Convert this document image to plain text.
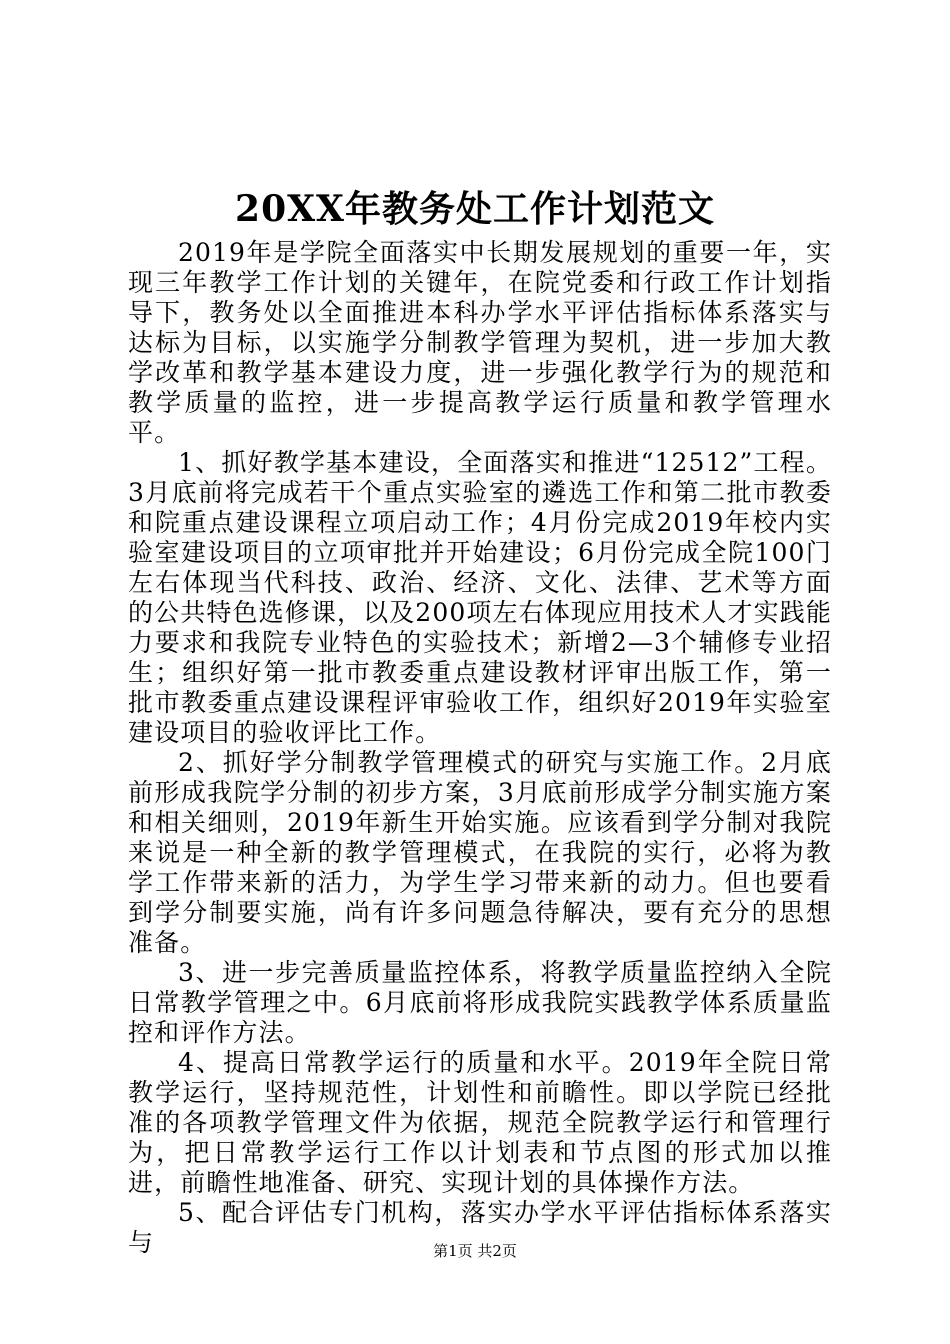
20XX年教务处工作计划范文

2019年是学院全面落实中长期发展规划的重要一年，实现三年教学工作计划的关键年，在院党委和行政工作计划指导下，教务处以全面推进本科办学水平评估指标体系落实与达标为目标，以实施学分制教学管理为契机，进一步加大教学改革和教学基本建设力度，进一步强化教学行为的规范和教学质量的监控，进一步提高教学运行质量和教学管理水平。

1、抓好教学基本建设，全面落实和推进“12512”工程。3月底前将完成若干个重点实验室的遴选工作和第二批市教委和院重点建设课程立项启动工作；4月份完成2019年校内实验室建设项目的立项审批并开始建设；6月份完成全院100门左右体现当代科技、政治、经济、文化、法律、艺术等方面的公共特色选修课，以及200项左右体现应用技术人才实践能力要求和我院专业特色的实验技术；新增2—3个辅修专业招生；组织好第一批市教委重点建设教材评审出版工作，第一批市教委重点建设课程评审验收工作，组织好2019年实验室建设项目的验收评比工作。

2、抓好学分制教学管理模式的研究与实施工作。2月底前形成我院学分制的初步方案，3月底前形成学分制实施方案和相关细则，2019年新生开始实施。应该看到学分制对我院来说是一种全新的教学管理模式，在我院的实行，必将为教学工作带来新的活力，为学生学习带来新的动力。但也要看到学分制要实施，尚有许多问题急待解决，要有充分的思想准备。

3、进一步完善质量监控体系，将教学质量监控纳入全院日常教学管理之中。6月底前将形成我院实践教学体系质量监控和评作方法。

4、提高日常教学运行的质量和水平。2019年全院日常教学运行，坚持规范性，计划性和前瞻性。即以学院已经批准的各项教学管理文件为依据，规范全院教学运行和管理行为，把日常教学运行工作以计划表和节点图的形式加以推进，前瞻性地准备、研究、实现计划的具体操作方法。

5、配合评估专门机构，落实办学水平评估指标体系落实与	第1页 共2页
